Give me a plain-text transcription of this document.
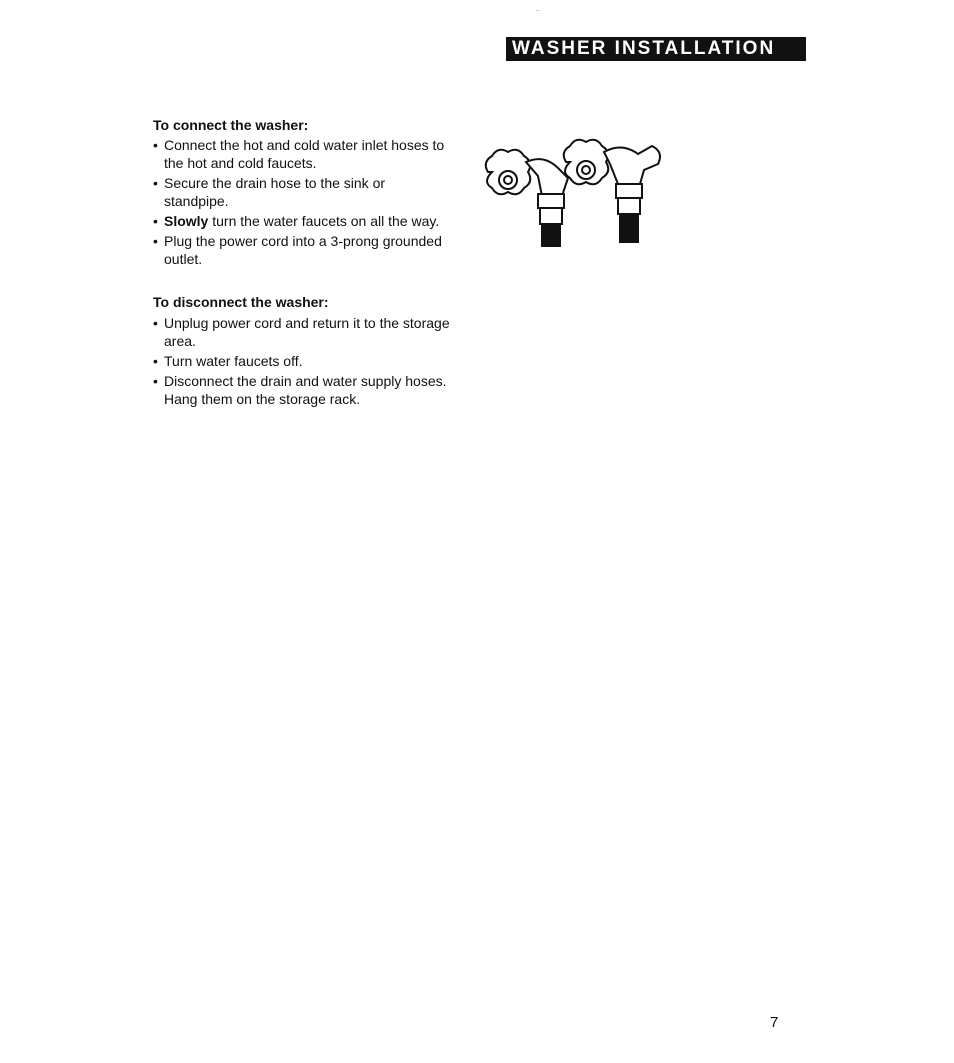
..
WASHER INSTALLATION

To connect the washer:

• Connect the hot and cold water inlet hoses to the hot and cold faucets.
• Secure the drain hose to the sink or standpipe.
• Slowly turn the water faucets on all the way.
• Plug the power cord into a 3-prong grounded outlet.

To disconnect the washer:

• Unplug power cord and return it to the storage area.
• Turn water faucets off.
• Disconnect the drain and water supply hoses. Hang them on the storage rack.
7
